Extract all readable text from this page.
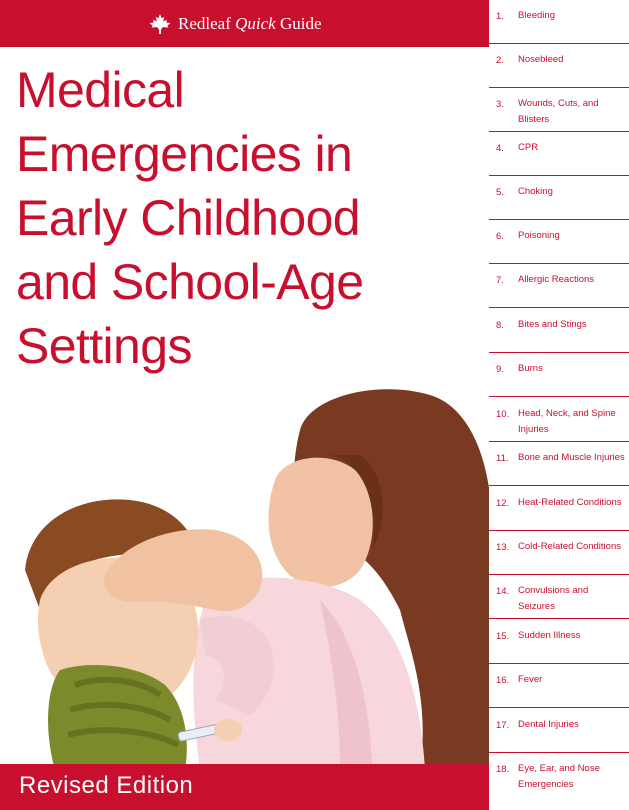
Redleaf Quick Guide
Medical
Emergencies in
Early Childhood
and School-Age
Settings
Revised Edition
1. Bleeding
2. Nosebleed
3. Wounds, Cuts, and Blisters
4. CPR
5. Choking
6. Poisoning
7. Allergic Reactions
8. Bites and Stings
9. Burns
10. Head, Neck, and Spine Injuries
11. Bone and Muscle Injuries
12. Heat-Related Conditions
13. Cold-Related Conditions
14. Convulsions and Seizures
15. Sudden Illness
16. Fever
17. Dental Injuries
18. Eye, Ear, and Nose Emergencies
